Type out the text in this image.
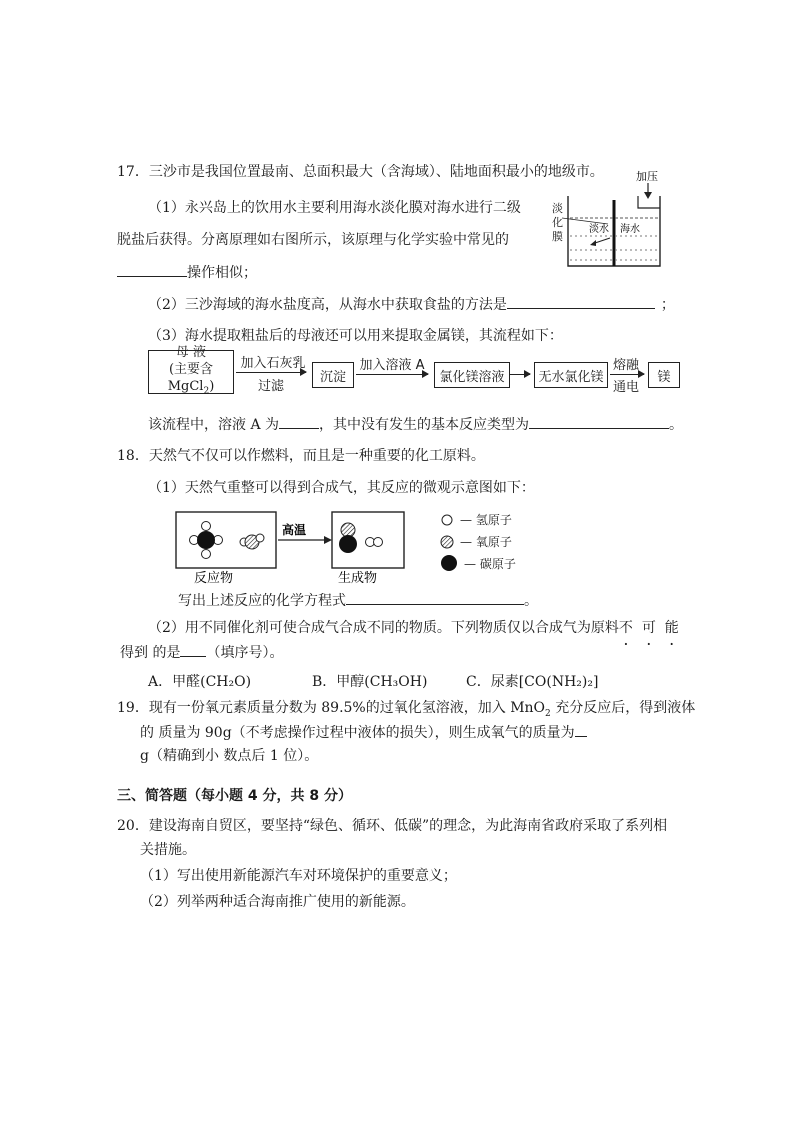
17．三沙市是我国位置最南、总面积最大（含海域）、陆地面积最小的地级市。	加压
淡水 海水
淡
化
膜
（1）永兴岛上的饮用水主要利用海水淡化膜对海水进行二级
脱盐后获得。分离原理如右图所示，该原理与化学实验中常见的
操作相似；
（2）三沙海域的海水盐度高，从海水中获取食盐的方法是	；
（3）海水提取粗盐后的母液还可以用来提取金属镁，其流程如下：
母 液
(主要含 MgCl$_2$)
加入石灰乳
过滤
沉淀
加入溶液 A
氯化镁溶液	无水氯化镁
熔融
通电
镁
该流程中，溶液 A 为	，其中没有发生的基本反应类型为	。
18．天然气不仅可以作燃料，而且是一种重要的化工原料。
（1）天然气重整可以得到合成气，其反应的微观示意图如下：
高温
反应物	生成物
— 氢原子
— 氧原子
— 碳原子
写出上述反应的化学方程式	。
（2）用不同催化剂可使合成气合成不同的物质。下列物质仅以合成气为原料不 可 能
得到 的是 （填序号）。
A．甲醛(CH₂O)	B．甲醇(CH₃OH)	C．尿素[CO(NH₂)₂]
19．现有一份氧元素质量分数为 89.5%的过氧化氢溶液，加入 MnO$_2$ 充分反应后，得到液体
的 质量为 90g（不考虑操作过程中液体的损失），则生成氧气的质量为
g（精确到小 数点后 1 位）。
三、简答题（每小题 4 分，共 8 分）
20．建设海南自贸区，要坚持“绿色、循环、低碳”的理念，为此海南省政府采取了系列相
关措施。
（1）写出使用新能源汽车对环境保护的重要意义；
（2）列举两种适合海南推广使用的新能源。
